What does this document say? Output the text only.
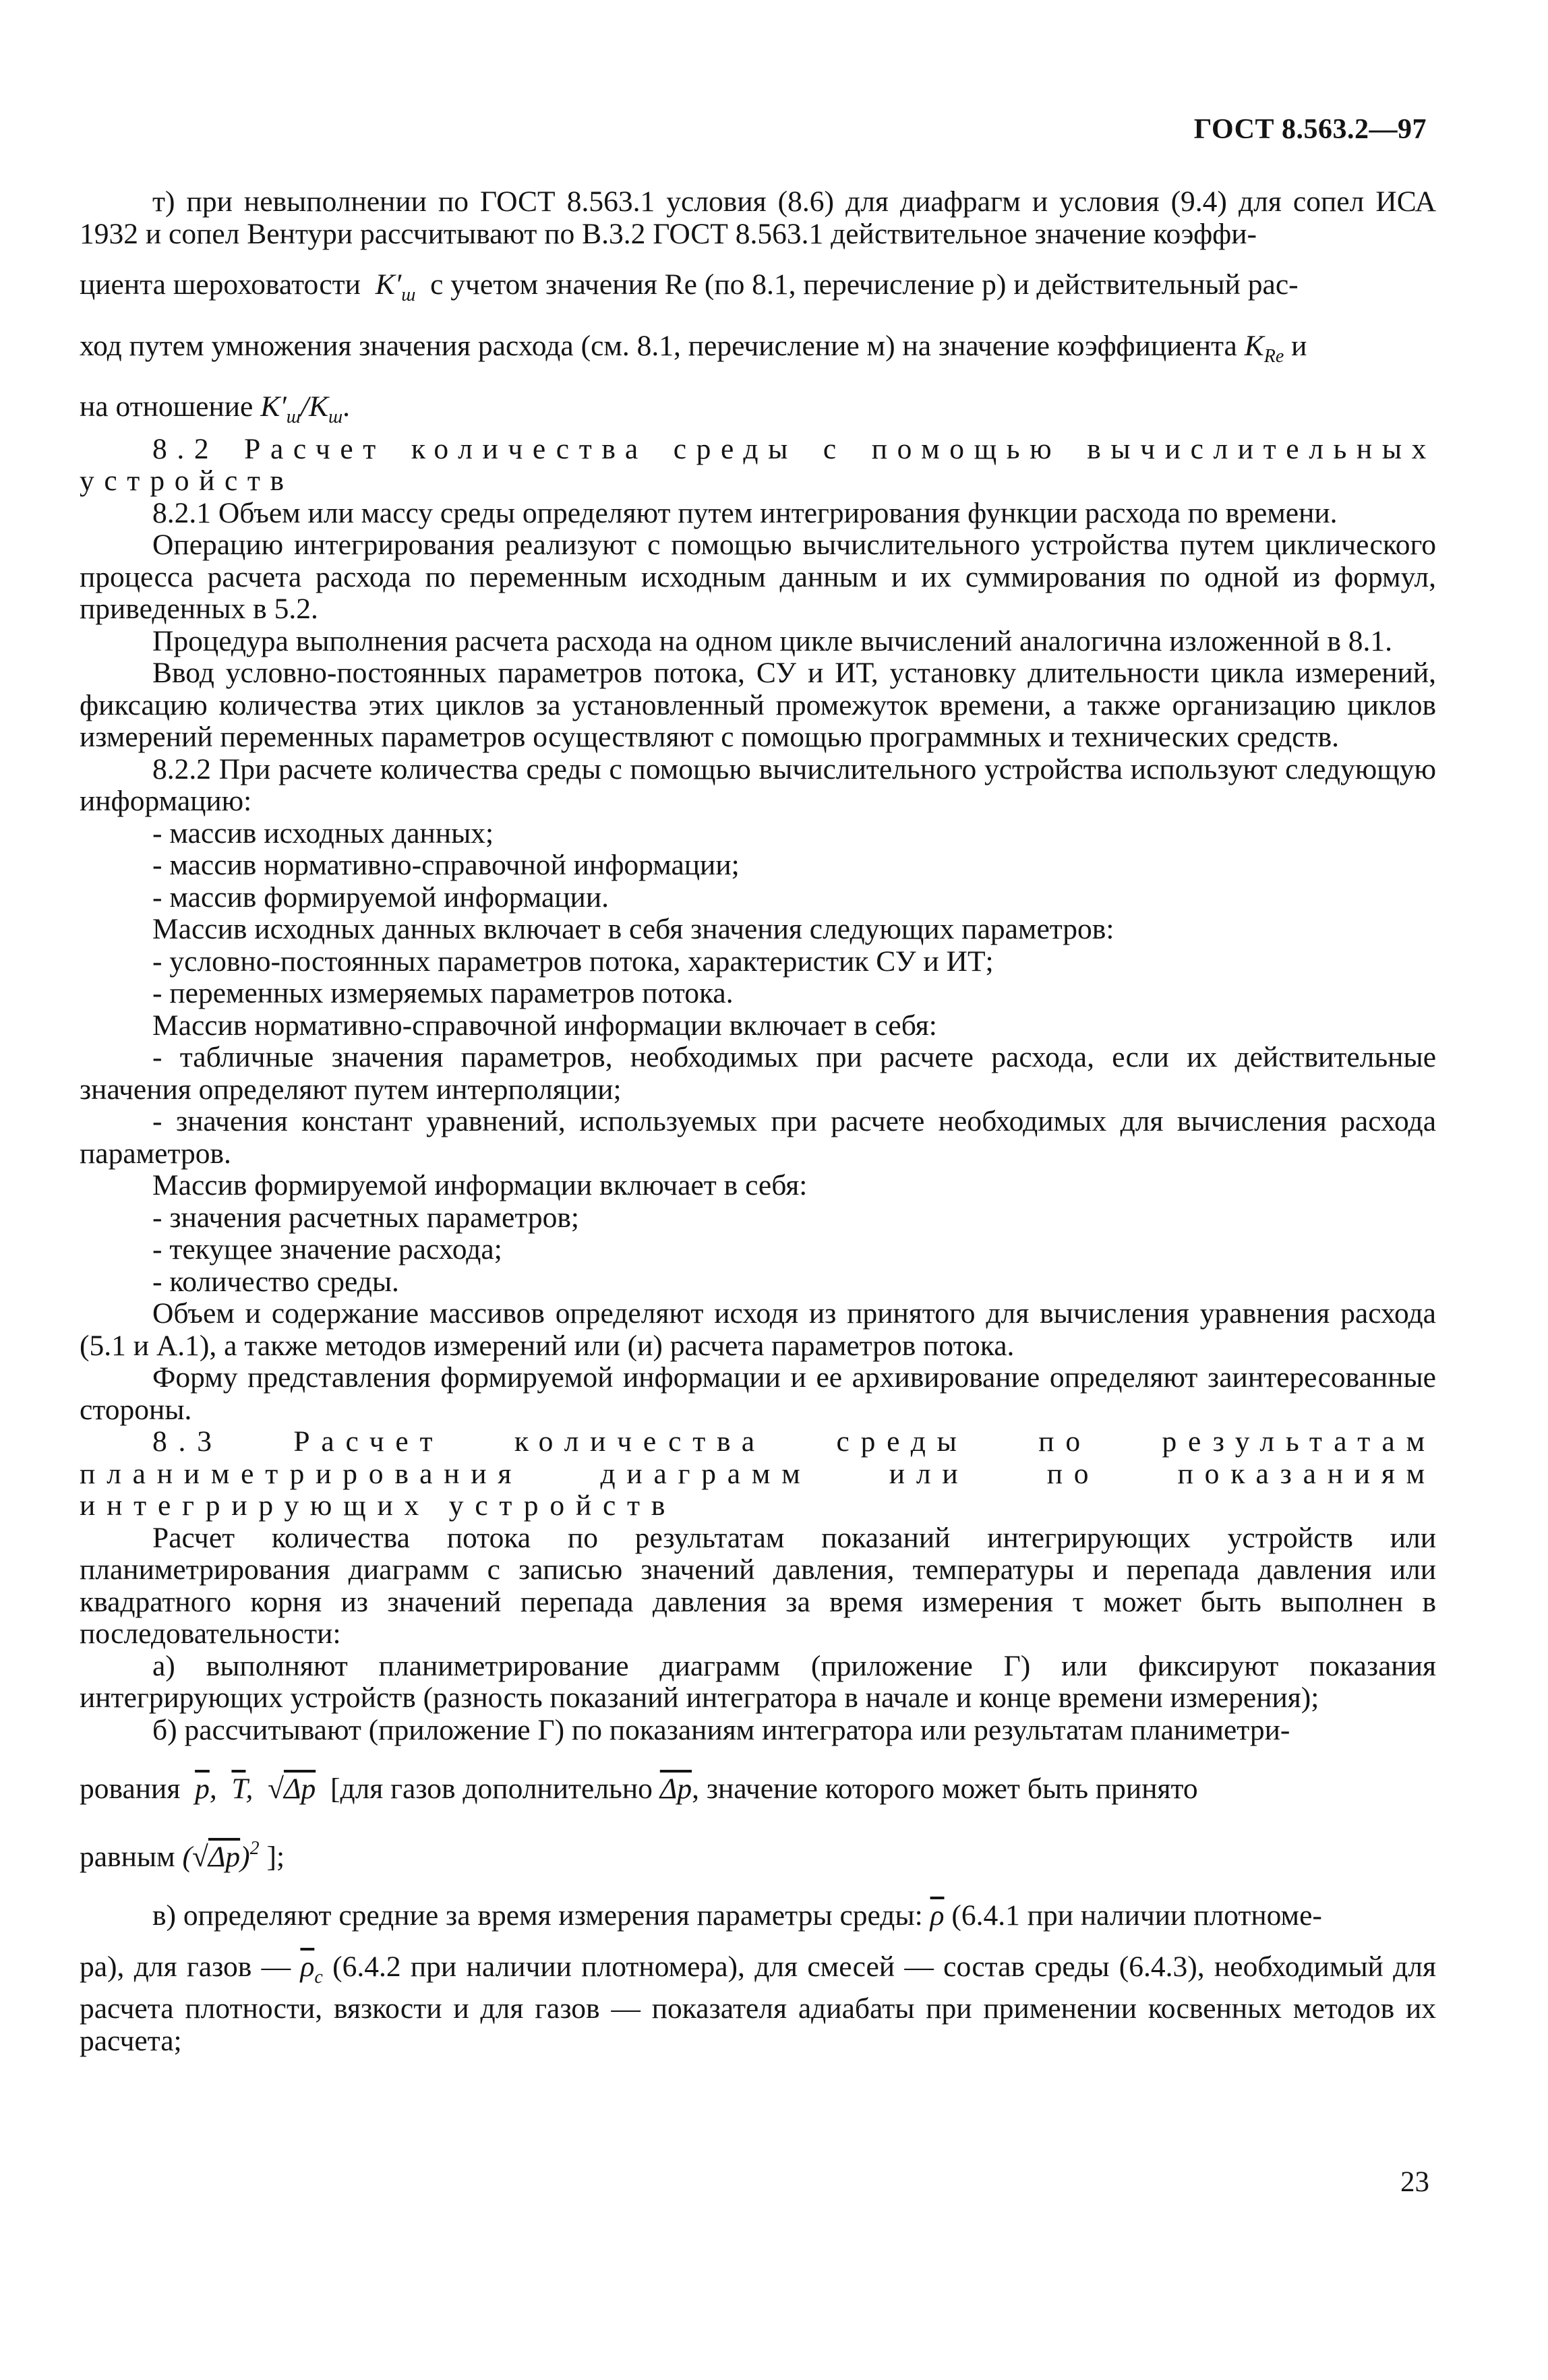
ГОСТ 8.563.2—97

т) при невыполнении по ГОСТ 8.563.1 условия (8.6) для диафрагм и условия (9.4) для сопел ИСА 1932 и сопел Вентури рассчитывают по В.3.2 ГОСТ 8.563.1 действительное значение коэффи-

циента шероховатости  $K'_ш$ с учетом значения Re (по 8.1, перечисление р) и действительный рас-

ход путем умножения значения расхода (см. 8.1, перечисление м) на значение коэффициента $K_{Re}$ и

на отношение $K'_ш/K_ш$.

8.2 Расчет количества среды с помощью вычислительных устройств

8.2.1 Объем или массу среды определяют путем интегрирования функции расхода по времени.

Операцию интегрирования реализуют с помощью вычислительного устройства путем циклического процесса расчета расхода по переменным исходным данным и их суммирования по одной из формул, приведенных в 5.2.

Процедура выполнения расчета расхода на одном цикле вычислений аналогична изложенной в 8.1.

Ввод условно-постоянных параметров потока, СУ и ИТ, установку длительности цикла измерений, фиксацию количества этих циклов за установленный промежуток времени, а также организацию циклов измерений переменных параметров осуществляют с помощью программных и технических средств.

8.2.2 При расчете количества среды с помощью вычислительного устройства используют следующую информацию:

- массив исходных данных;

- массив нормативно-справочной информации;

- массив формируемой информации.

Массив исходных данных включает в себя значения следующих параметров:

- условно-постоянных параметров потока, характеристик СУ и ИТ;

- переменных измеряемых параметров потока.

Массив нормативно-справочной информации включает в себя:

- табличные значения параметров, необходимых при расчете расхода, если их действительные значения определяют путем интерполяции;

- значения констант уравнений, используемых при расчете необходимых для вычисления расхода параметров.

Массив формируемой информации включает в себя:

- значения расчетных параметров;

- текущее значение расхода;

- количество среды.

Объем и содержание массивов определяют исходя из принятого для вычисления уравнения расхода (5.1 и А.1), а также методов измерений или (и) расчета параметров потока.

Форму представления формируемой информации и ее архивирование определяют заинтересованные стороны.

8.3 Расчет количества среды по результатам планиметрирования диаграмм или по показаниям интегрирующих устройств

Расчет количества потока по результатам показаний интегрирующих устройств или планиметрирования диаграмм с записью значений давления, температуры и перепада давления или квадратного корня из значений перепада давления за время измерения τ может быть выполнен в последовательности:

а) выполняют планиметрирование диаграмм (приложение Г) или фиксируют показания интегрирующих устройств (разность показаний интегратора в начале и конце времени измерения);

б) рассчитывают (приложение Г) по показаниям интегратора или результатам планиметри-

рования $\overline{p}$,  $\overline{T}$,  √Δp [для газов дополнительно $\overline{\Delta p}$, значение которого может быть принято

равным $(√\Delta p)^2$ ];

в) определяют средние за время измерения параметры среды: $\overline{\rho}$ (6.4.1 при наличии плотноме-

ра), для газов — $\overline{\rho}_с$ (6.4.2 при наличии плотномера), для смесей — состав среды (6.4.3), необходимый для расчета плотности, вязкости и для газов — показателя адиабаты при применении косвенных методов их расчета;

23
